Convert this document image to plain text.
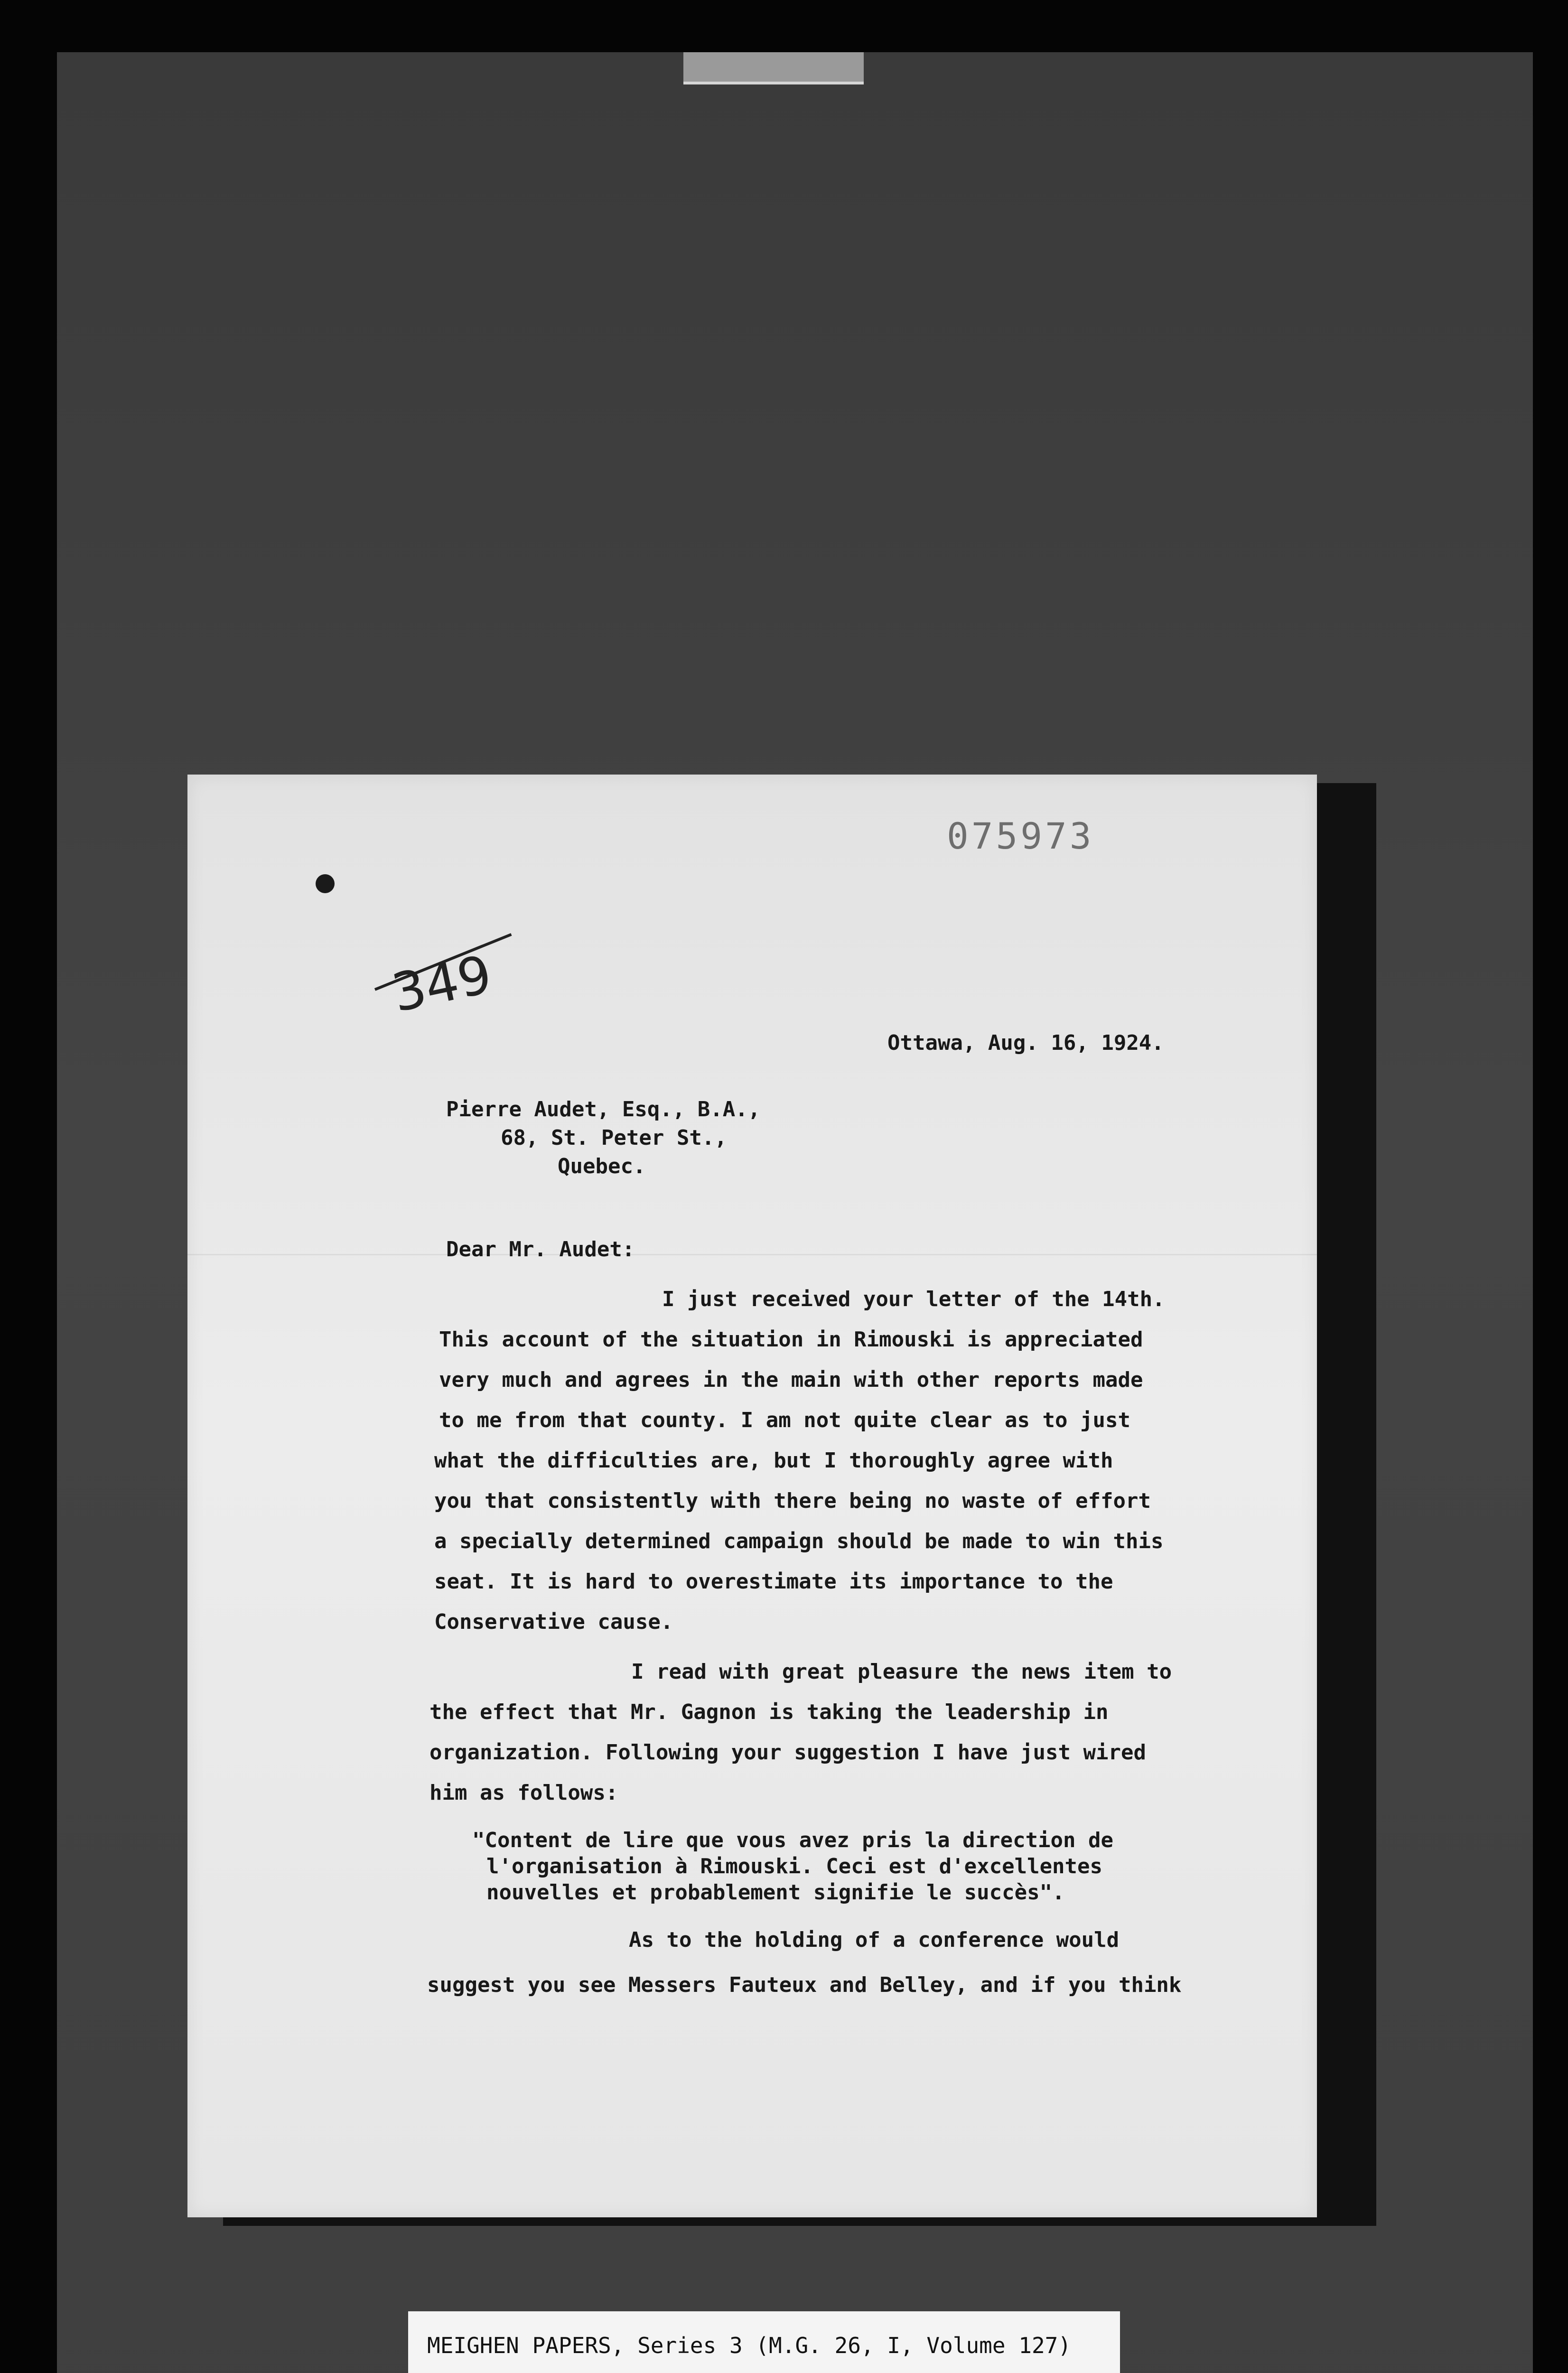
075973
349
Ottawa, Aug. 16, 1924.
Pierre Audet, Esq., B.A.,
68, St. Peter St.,
Quebec.
Dear Mr. Audet:
I just received your letter of the 14th.
This account of the situation in Rimouski is appreciated
very much and agrees in the main with other reports made
to me from that county. I am not quite clear as to just
what the difficulties are, but I thoroughly agree with
you that consistently with there being no waste of effort
a specially determined campaign should be made to win this
seat. It is hard to overestimate its importance to the
Conservative cause.
I read with great pleasure the news item to
the effect that Mr. Gagnon is taking the leadership in
organization. Following your suggestion I have just wired
him as follows:
"Content de lire que vous avez pris la direction de
l'organisation à Rimouski. Ceci est d'excellentes
nouvelles et probablement signifie le succès".
As to the holding of a conference would
suggest you see Messers Fauteux and Belley, and if you think
MEIGHEN PAPERS, Series 3 (M.G. 26, I, Volume 127)
